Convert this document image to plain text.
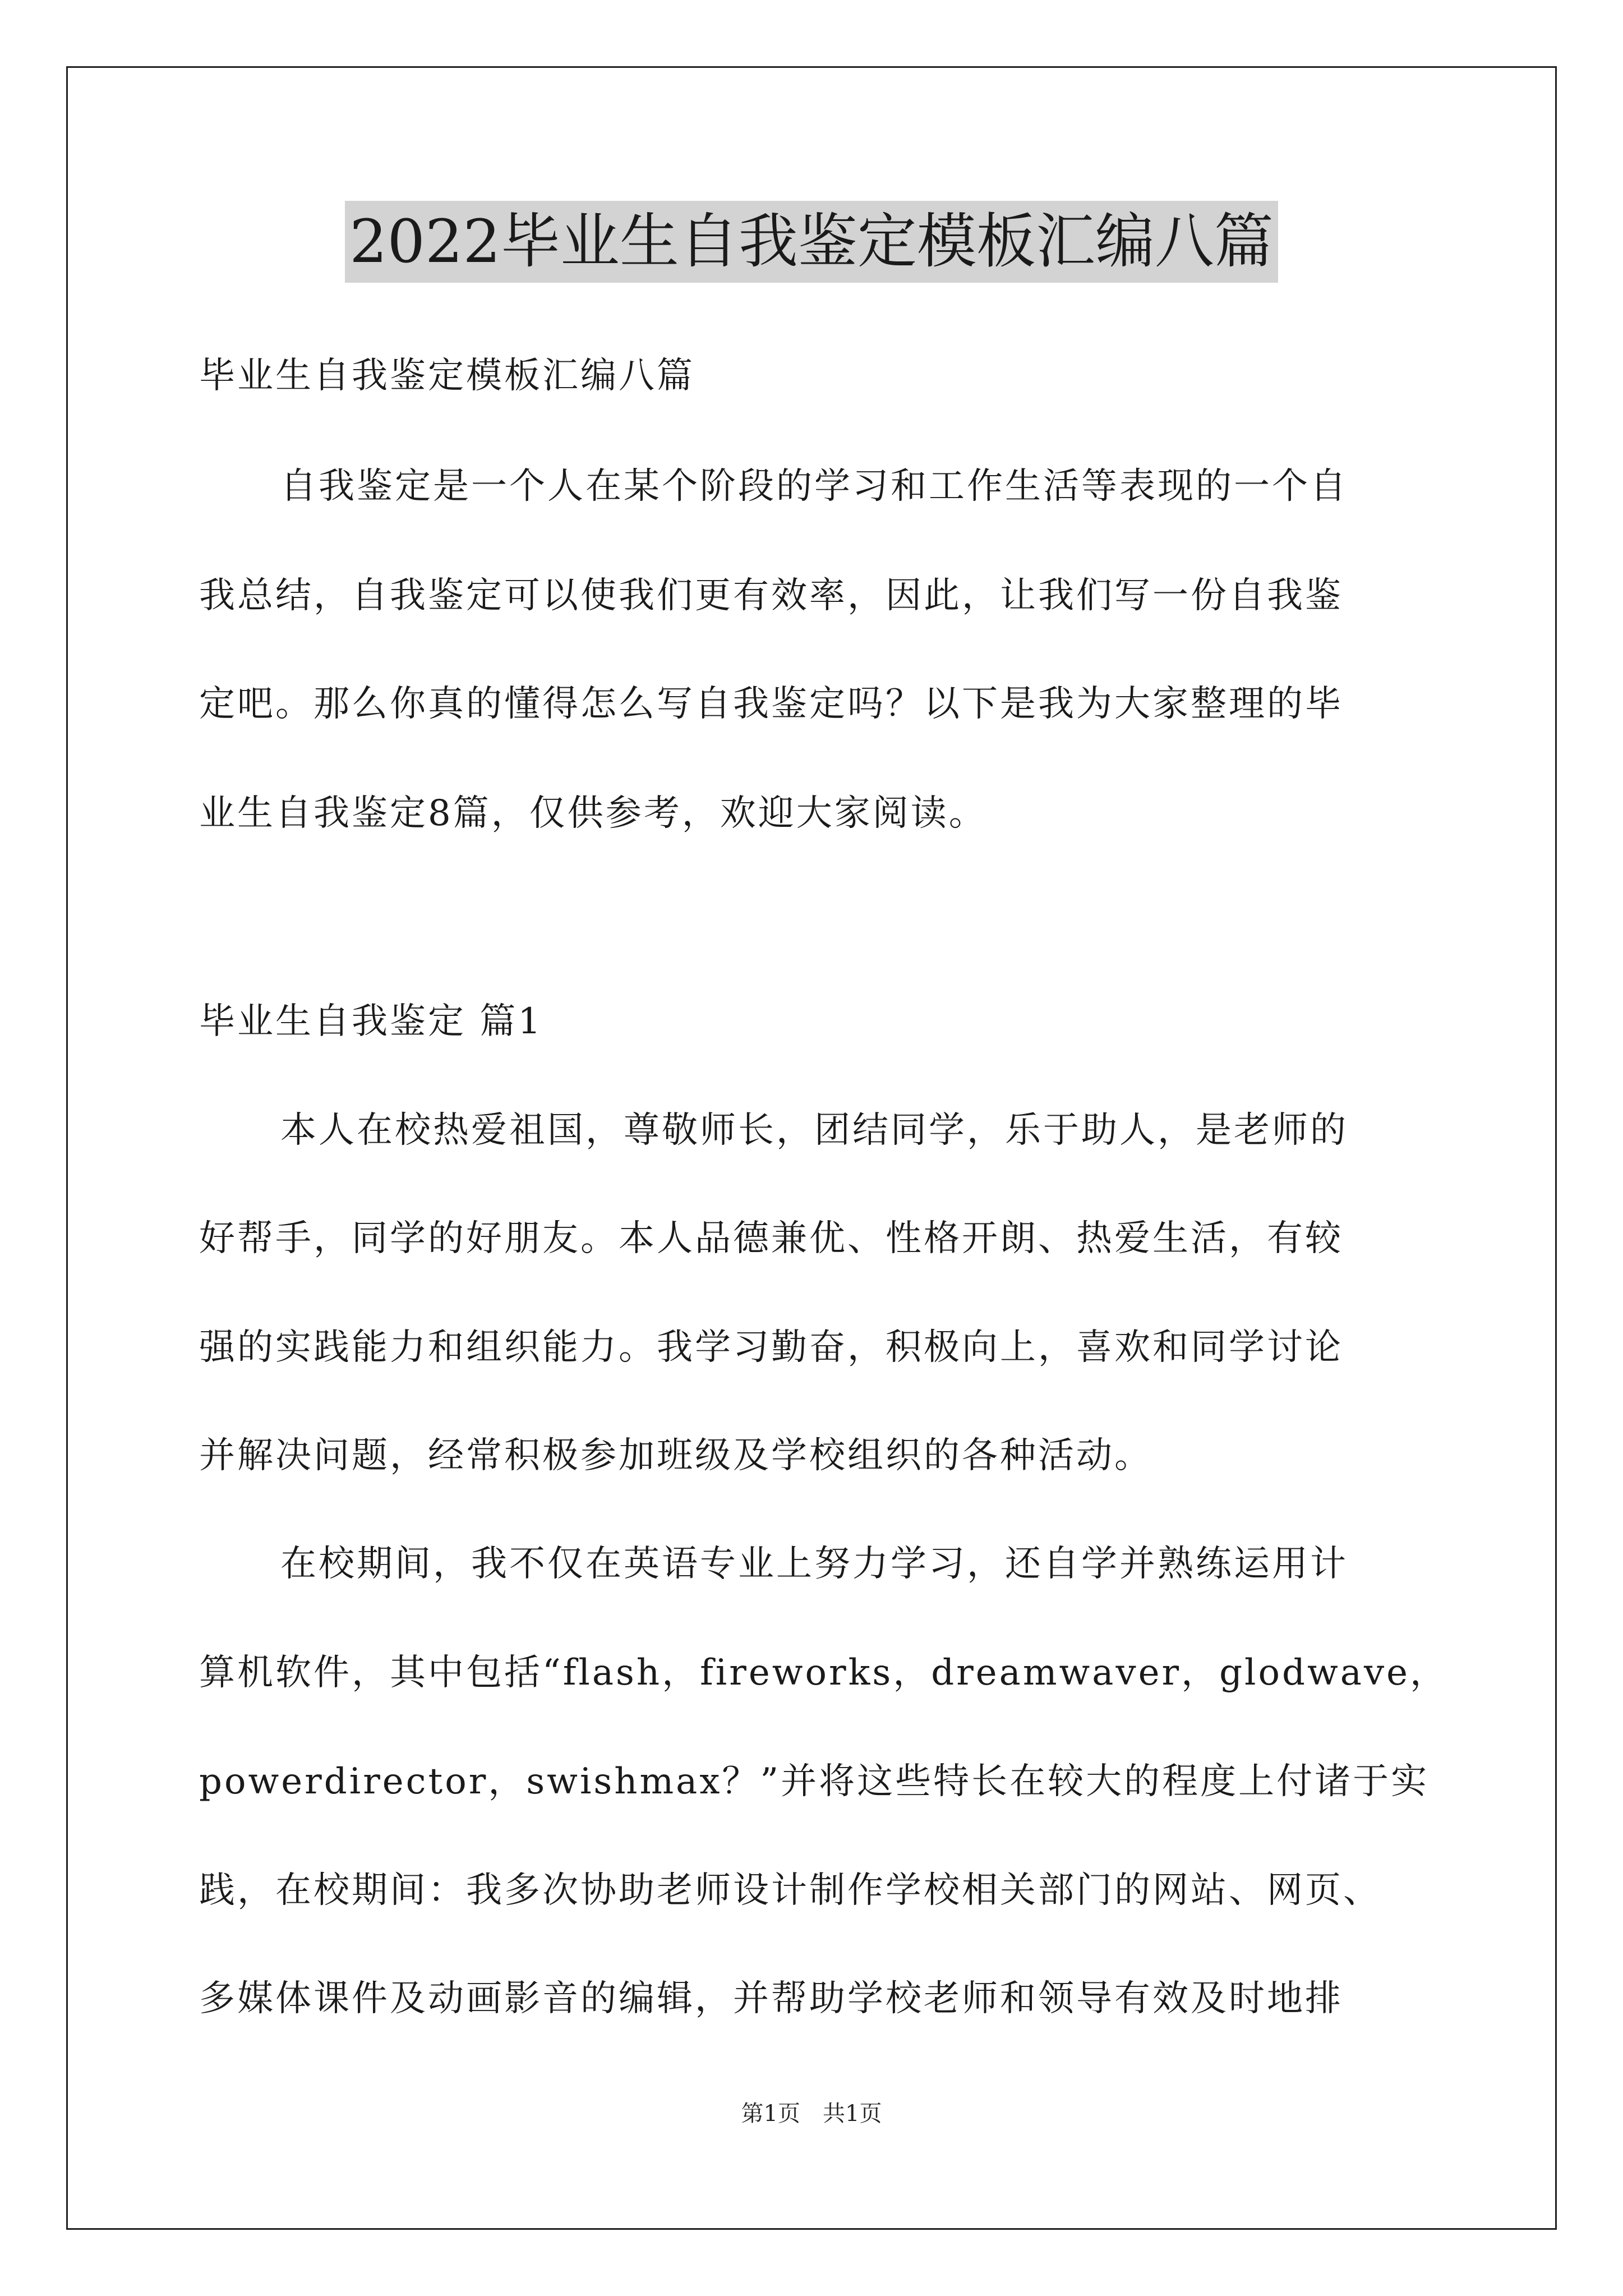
2022毕业生自我鉴定模板汇编八篇
毕业生自我鉴定模板汇编八篇
自我鉴定是一个人在某个阶段的学习和工作生活等表现的一个自
我总结，自我鉴定可以使我们更有效率，因此，让我们写一份自我鉴
定吧。那么你真的懂得怎么写自我鉴定吗？以下是我为大家整理的毕
业生自我鉴定8篇，仅供参考，欢迎大家阅读。
毕业生自我鉴定 篇1
本人在校热爱祖国，尊敬师长，团结同学，乐于助人，是老师的
好帮手，同学的好朋友。本人品德兼优、性格开朗、热爱生活，有较
强的实践能力和组织能力。我学习勤奋，积极向上，喜欢和同学讨论
并解决问题，经常积极参加班级及学校组织的各种活动。
在校期间，我不仅在英语专业上努力学习，还自学并熟练运用计
算机软件，其中包括“flash，fireworks，dreamwaver，glodwave，
powerdirector，swishmax？”并将这些特长在较大的程度上付诸于实
践，在校期间：我多次协助老师设计制作学校相关部门的网站、网页、
多媒体课件及动画影音的编辑，并帮助学校老师和领导有效及时地排
第1页　共1页
